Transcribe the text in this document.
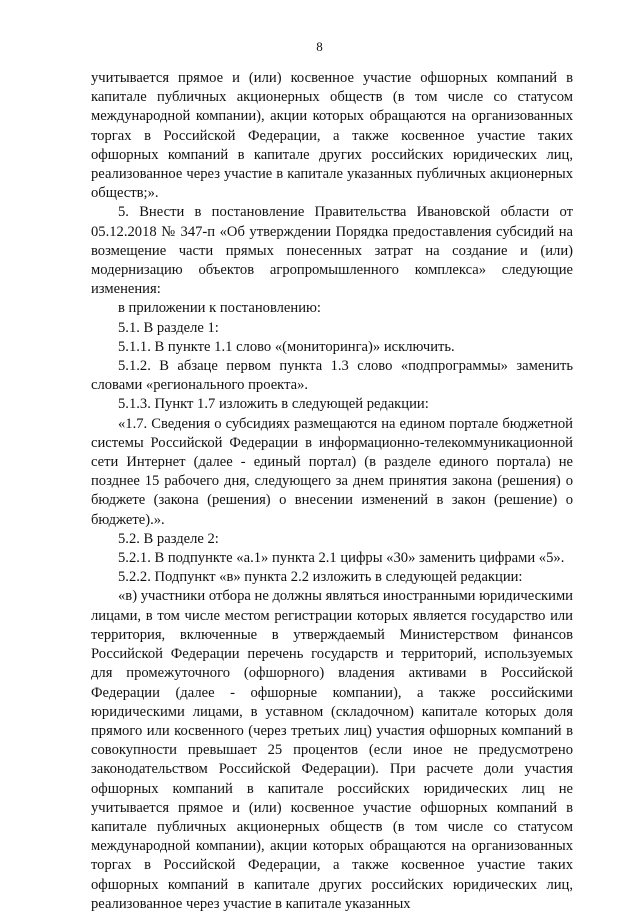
8

учитывается прямое и (или) косвенное участие офшорных компаний в капитале публичных акционерных обществ (в том числе со статусом международной компании), акции которых обращаются на организованных торгах в Российской Федерации, а также косвенное участие таких офшорных компаний в капитале других российских юридических лиц, реализованное через участие в капитале указанных публичных акционерных обществ;».

5. Внести в постановление Правительства Ивановской области от 05.12.2018 № 347-п «Об утверждении Порядка предоставления субсидий на возмещение части прямых понесенных затрат на создание и (или) модернизацию объектов агропромышленного комплекса» следующие изменения:

в приложении к постановлению:

5.1. В разделе 1:

5.1.1. В пункте 1.1 слово «(мониторинга)» исключить.

5.1.2. В абзаце первом пункта 1.3 слово «подпрограммы» заменить словами «регионального проекта».

5.1.3. Пункт 1.7 изложить в следующей редакции:

«1.7. Сведения о субсидиях размещаются на едином портале бюджетной системы Российской Федерации в информационно-телекоммуникационной сети Интернет (далее - единый портал) (в разделе единого портала) не позднее 15 рабочего дня, следующего за днем принятия закона (решения) о бюджете (закона (решения) о внесении изменений в закон (решение) о бюджете).».

5.2. В разделе 2:

5.2.1. В подпункте «а.1» пункта 2.1 цифры «30» заменить цифрами «5».

5.2.2. Подпункт «в» пункта 2.2 изложить в следующей редакции:

«в) участники отбора не должны являться иностранными юридическими лицами, в том числе местом регистрации которых является государство или территория, включенные в утверждаемый Министерством финансов Российской Федерации перечень государств и территорий, используемых для промежуточного (офшорного) владения активами в Российской Федерации (далее - офшорные компании), а также российскими юридическими лицами, в уставном (складочном) капитале которых доля прямого или косвенного (через третьих лиц) участия офшорных компаний в совокупности превышает 25 процентов (если иное не предусмотрено законодательством Российской Федерации). При расчете доли участия офшорных компаний в капитале российских юридических лиц не учитывается прямое и (или) косвенное участие офшорных компаний в капитале публичных акционерных обществ (в том числе со статусом международной компании), акции которых обращаются на организованных торгах в Российской Федерации, а также косвенное участие таких офшорных компаний в капитале других российских юридических лиц, реализованное через участие в капитале указанных
